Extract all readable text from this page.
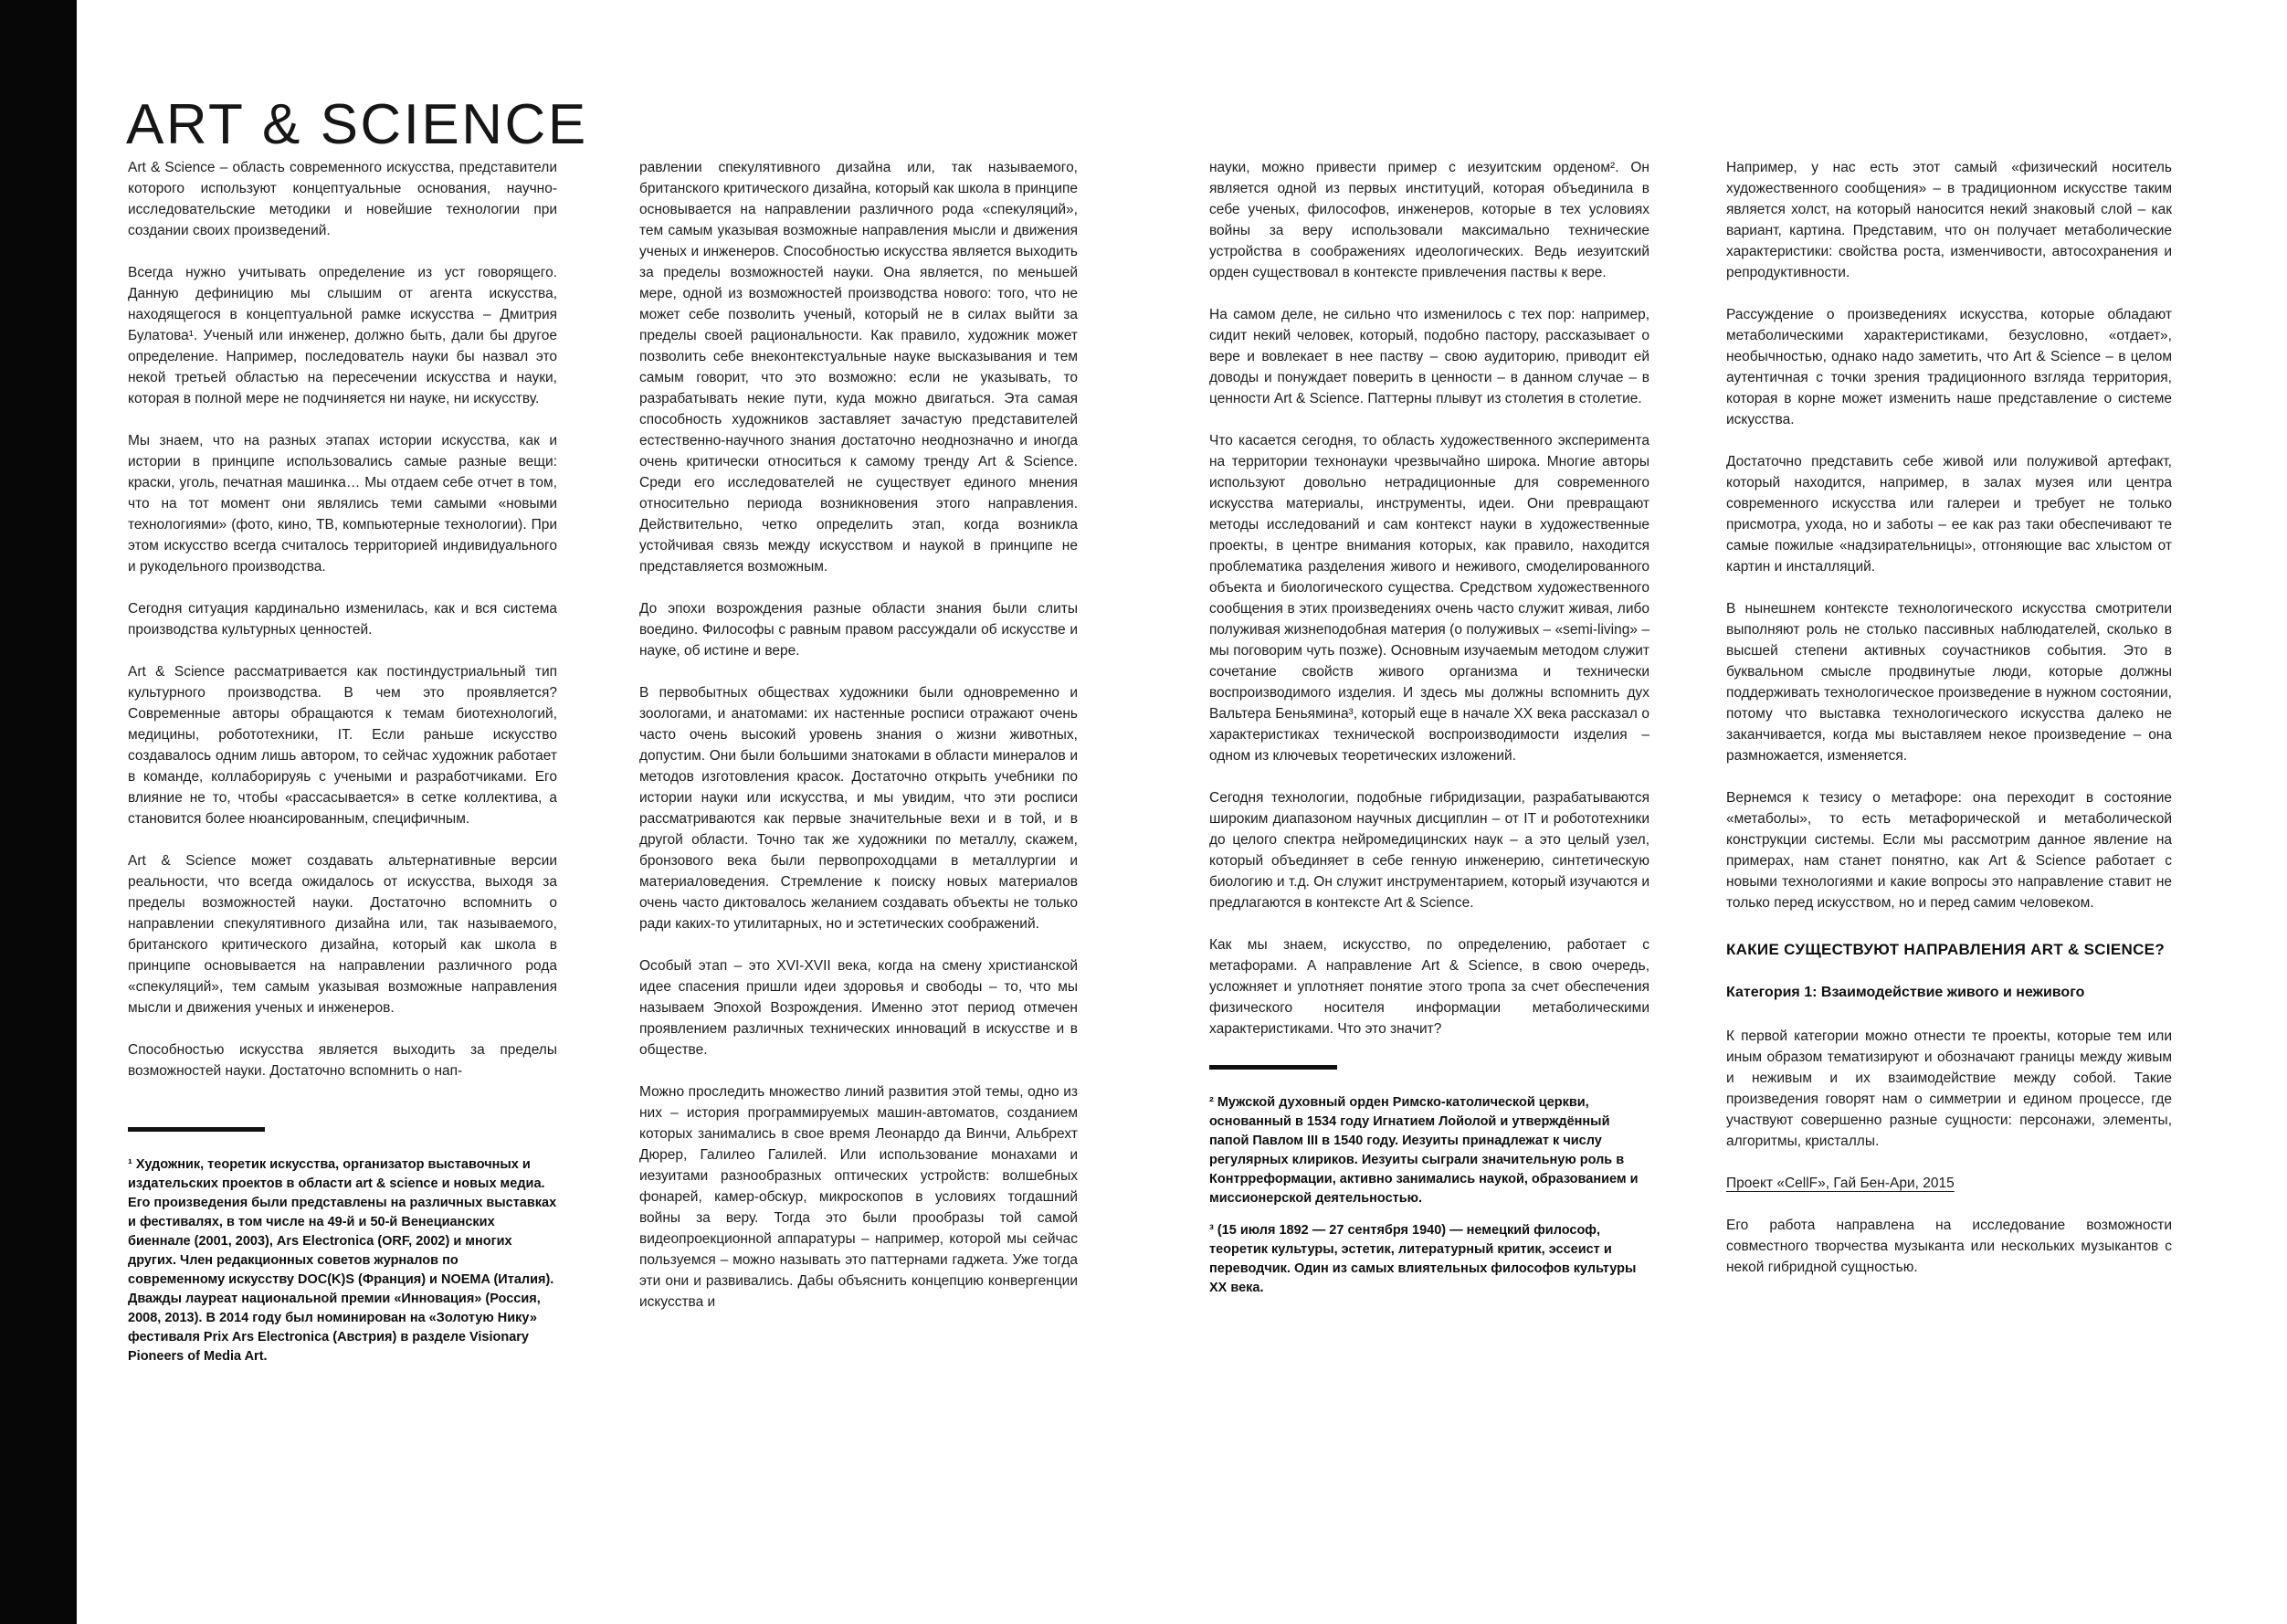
53
ART & SCIENCE

Art & Science – область современного искусства, представители которого используют концептуальные основания, научно-исследовательские методики и новейшие технологии при создании своих произведений.

Всегда нужно учитывать определение из уст говорящего. Данную дефиницию мы слышим от агента искусства, находящегося в концептуальной рамке искусства – Дмитрия Булатова¹. Ученый или инженер, должно быть, дали бы другое определение. Например, последователь науки бы назвал это некой третьей областью на пересечении искусства и науки, которая в полной мере не подчиняется ни науке, ни искусству.

Мы знаем, что на разных этапах истории искусства, как и истории в принципе использовались самые разные вещи: краски, уголь, печатная машинка… Мы отдаем себе отчет в том, что на тот момент они являлись теми самыми «новыми технологиями» (фото, кино, ТВ, компьютерные технологии). При этом искусство всегда считалось территорией индивидуального и рукодельного производства.

Сегодня ситуация кардинально изменилась, как и вся система производства культурных ценностей.

Art & Science рассматривается как постиндустриальный тип культурного производства. В чем это проявляется? Современные авторы обращаются к темам биотехнологий, медицины, робототехники, IT. Если раньше искусство создавалось одним лишь автором, то сейчас художник работает в команде, коллаборируяь с учеными и разработчиками. Его влияние не то, чтобы «рассасывается» в сетке коллектива, а становится более нюансированным, специфичным.

Art & Science может создавать альтернативные версии реальности, что всегда ожидалось от искусства, выходя за пределы возможностей науки. Достаточно вспомнить о направлении спекулятивного дизайна или, так называемого, британского критического дизайна, который как школа в принципе основывается на направлении различного рода «спекуляций», тем самым указывая возможные направления мысли и движения ученых и инженеров.

Способностью искусства является выходить за пределы возможностей науки. Достаточно вспомнить о нап-

¹ Художник, теоретик искусства, организатор выставочных и издательских проектов в области art & science и новых медиа. Его произведения были представлены на различных выставках и фестивалях, в том числе на 49-й и 50-й Венецианских биеннале (2001, 2003), Ars Electronica (ORF, 2002) и многих других. Член редакционных советов журналов по современному искусству DOC(K)S (Франция) и NOEMA (Италия). Дважды лауреат национальной премии «Инновация» (Россия, 2008, 2013). В 2014 году был номинирован на «Золотую Нику» фестиваля Prix Ars Electronica (Австрия) в разделе Visionary Pioneers of Media Art.

равлении спекулятивного дизайна или, так называемого, британского критического дизайна, который как школа в принципе основывается на направлении различного рода «спекуляций», тем самым указывая возможные направления мысли и движения ученых и инженеров. Способностью искусства является выходить за пределы возможностей науки. Она является, по меньшей мере, одной из возможностей производства нового: того, что не может себе позволить ученый, который не в силах выйти за пределы своей рациональности. Как правило, художник может позволить себе внеконтекстуальные науке высказывания и тем самым говорит, что это возможно: если не указывать, то разрабатывать некие пути, куда можно двигаться. Эта самая способность художников заставляет зачастую представителей естественно-научного знания достаточно неоднозначно и иногда очень критически относиться к самому тренду Art & Science. Среди его исследователей не существует единого мнения относительно периода возникновения этого направления. Действительно, четко определить этап, когда возникла устойчивая связь между искусством и наукой в принципе не представляется возможным.

До эпохи возрождения разные области знания были слиты воедино. Философы с равным правом рассуждали об искусстве и науке, об истине и вере.

В первобытных обществах художники были одновременно и зоологами, и анатомами: их настенные росписи отражают очень часто очень высокий уровень знания о жизни животных, допустим. Они были большими знатоками в области минералов и методов изготовления красок. Достаточно открыть учебники по истории науки или искусства, и мы увидим, что эти росписи рассматриваются как первые значительные вехи и в той, и в другой области. Точно так же художники по металлу, скажем, бронзового века были первопроходцами в металлургии и материаловедения. Стремление к поиску новых материалов очень часто диктовалось желанием создавать объекты не только ради каких-то утилитарных, но и эстетических соображений.

Особый этап – это XVI-XVII века, когда на смену христианской идее спасения пришли идеи здоровья и свободы – то, что мы называем Эпохой Возрождения. Именно этот период отмечен проявлением различных технических инноваций в искусстве и в обществе.

Можно проследить множество линий развития этой темы, одно из них – история программируемых машин-автоматов, созданием которых занимались в свое время Леонардо да Винчи, Альбрехт Дюрер, Галилео Галилей. Или использование монахами и иезуитами разнообразных оптических устройств: волшебных фонарей, камер-обскур, микроскопов в условиях тогдашний войны за веру. Тогда это были прообразы той самой видеопроекционной аппаратуры – например, которой мы сейчас пользуемся – можно называть это паттернами гаджета. Уже тогда эти они и развивались. Дабы объяснить концепцию конвергенции искусства и

науки, можно привести пример с иезуитским орденом². Он является одной из первых институций, которая объединила в себе ученых, философов, инженеров, которые в тех условиях войны за веру использовали максимально технические устройства в соображениях идеологических. Ведь иезуитский орден существовал в контексте привлечения паствы к вере.

На самом деле, не сильно что изменилось с тех пор: например, сидит некий человек, который, подобно пастору, рассказывает о вере и вовлекает в нее паству – свою аудиторию, приводит ей доводы и понуждает поверить в ценности – в данном случае – в ценности Art & Science. Паттерны плывут из столетия в столетие.

Что касается сегодня, то область художественного эксперимента на территории технонауки чрезвычайно широка. Многие авторы используют довольно нетрадиционные для современного искусства материалы, инструменты, идеи. Они превращают методы исследований и сам контекст науки в художественные проекты, в центре внимания которых, как правило, находится проблематика разделения живого и неживого, смоделированного объекта и биологического существа. Средством художественного сообщения в этих произведениях очень часто служит живая, либо полуживая жизнеподобная материя (о полуживых – «semi-living» – мы поговорим чуть позже). Основным изучаемым методом служит сочетание свойств живого организма и технически воспроизводимого изделия. И здесь мы должны вспомнить дух Вальтера Беньямина³, который еще в начале XX века рассказал о характеристиках технической воспроизводимости изделия – одном из ключевых теоретических изложений.

Сегодня технологии, подобные гибридизации, разрабатываются широким диапазоном научных дисциплин – от IT и робототехники до целого спектра нейромедицинских наук – а это целый узел, который объединяет в себе генную инженерию, синтетическую биологию и т.д. Он служит инструментарием, который изучаются и предлагаются в контексте Art & Science.

Как мы знаем, искусство, по определению, работает с метафорами. А направление Art & Science, в свою очередь, усложняет и уплотняет понятие этого тропа за счет обеспечения физического носителя информации метаболическими характеристиками. Что это значит?

² Мужской духовный орден Римско-католической церкви, основанный в 1534 году Игнатием Лойолой и утверждённый папой Павлом III в 1540 году. Иезуиты принадлежат к числу регулярных клириков. Иезуиты сыграли значительную роль в Контрреформации, активно занимались наукой, образованием и миссионерской деятельностью.

³ (15 июля 1892 — 27 сентября 1940) — немецкий философ, теоретик культуры, эстетик, литературный критик, эссеист и переводчик. Один из самых влиятельных философов культуры XX века.

Например, у нас есть этот самый «физический носитель художественного сообщения» – в традиционном искусстве таким является холст, на который наносится некий знаковый слой – как вариант, картина. Представим, что он получает метаболические характеристики: свойства роста, изменчивости, автосохранения и репродуктивности.

Рассуждение о произведениях искусства, которые обладают метаболическими характеристиками, безусловно, «отдает», необычностью, однако надо заметить, что Art & Science – в целом аутентичная с точки зрения традиционного взгляда территория, которая в корне может изменить наше представление о системе искусства.

Достаточно представить себе живой или полуживой артефакт, который находится, например, в залах музея или центра современного искусства или галереи и требует не только присмотра, ухода, но и заботы – ее как раз таки обеспечивают те самые пожилые «надзирательницы», отгоняющие вас хлыстом от картин и инсталляций.

В нынешнем контексте технологического искусства смотрители выполняют роль не столько пассивных наблюдателей, сколько в высшей степени активных соучастников события. Это в буквальном смысле продвинутые люди, которые должны поддерживать технологическое произведение в нужном состоянии, потому что выставка технологического искусства далеко не заканчивается, когда мы выставляем некое произведение – она размножается, изменяется.

Вернемся к тезису о метафоре: она переходит в состояние «метаболы», то есть метафорической и метаболической конструкции системы. Если мы рассмотрим данное явление на примерах, нам станет понятно, как Art & Science работает с новыми технологиями и какие вопросы это направление ставит не только перед искусством, но и перед самим человеком.

КАКИЕ СУЩЕСТВУЮТ НАПРАВЛЕНИЯ ART & SCIENCE?
Категория 1: Взаимодействие живого и неживого

К первой категории можно отнести те проекты, которые тем или иным образом тематизируют и обозначают границы между живым и неживым и их взаимодействие между собой. Такие произведения говорят нам о симметрии и едином процессе, где участвуют совершенно разные сущности: персонажи, элементы, алгоритмы, кристаллы.

Проект «CellF», Гай Бен-Ари, 2015

Его работа направлена на исследование возможности совместного творчества музыканта или нескольких музыкантов с некой гибридной сущностью.
